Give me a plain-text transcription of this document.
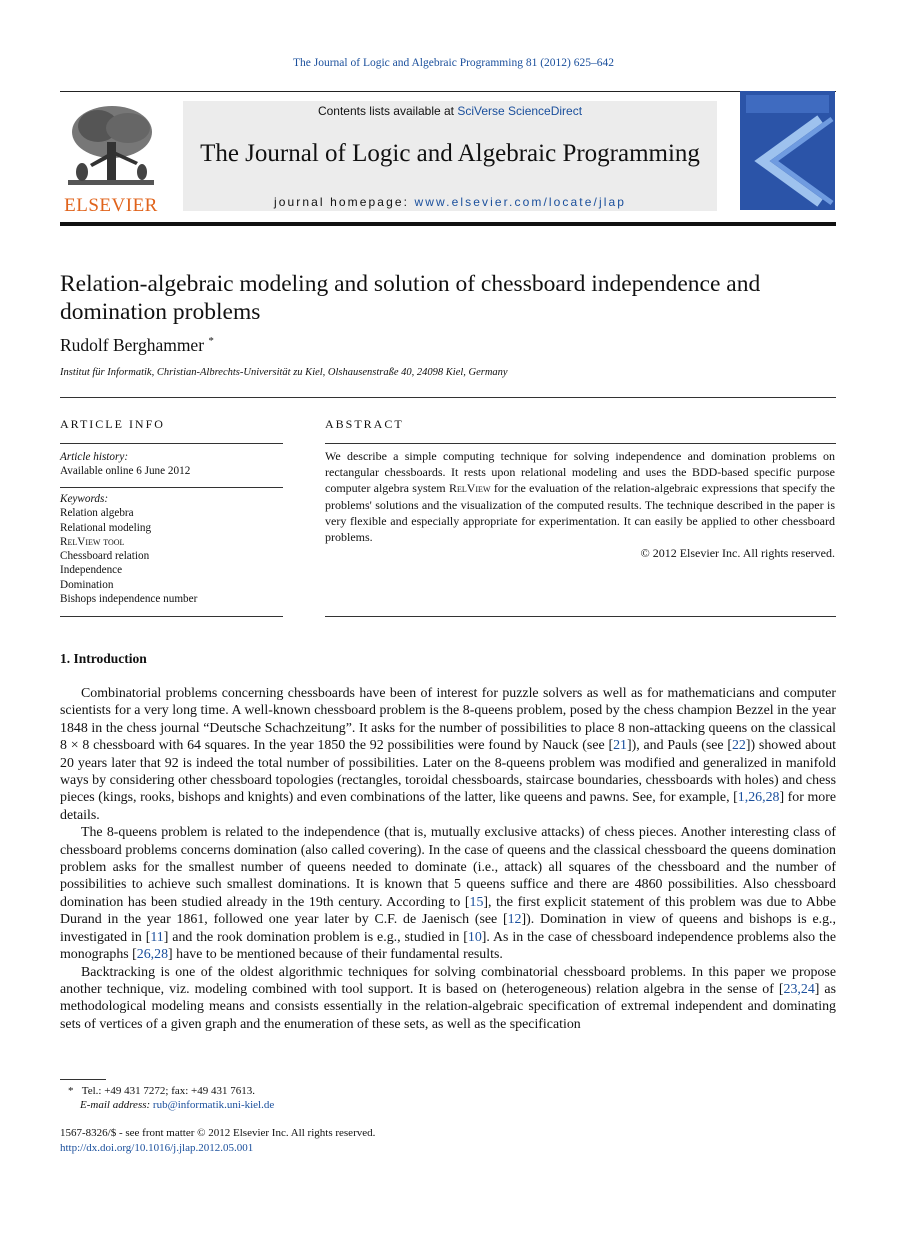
The Journal of Logic and Algebraic Programming 81 (2012) 625–642
ELSEVIER
Contents lists available at SciVerse ScienceDirect
The Journal of Logic and Algebraic Programming
journal homepage: www.elsevier.com/locate/jlap
Relation-algebraic modeling and solution of chessboard independence and domination problems
Rudolf Berghammer *
Institut für Informatik, Christian-Albrechts-Universität zu Kiel, Olshausenstraße 40, 24098 Kiel, Germany
ARTICLE INFO
Article history:
Available online 6 June 2012
Keywords:
Relation algebra
Relational modeling
RelView tool
Chessboard relation
Independence
Domination
Bishops independence number
ABSTRACT
We describe a simple computing technique for solving independence and domination problems on rectangular chessboards. It rests upon relational modeling and uses the BDD-based specific purpose computer algebra system RelView for the evaluation of the relation-algebraic expressions that specify the problems' solutions and the visualization of the computed results. The technique described in the paper is very flexible and especially appropriate for experimentation. It can easily be applied to other chessboard problems.
© 2012 Elsevier Inc. All rights reserved.
1. Introduction

Combinatorial problems concerning chessboards have been of interest for puzzle solvers as well as for mathematicians and computer scientists for a very long time. A well-known chessboard problem is the 8-queens problem, posed by the chess champion Bezzel in the year 1848 in the chess journal “Deutsche Schachzeitung”. It asks for the number of possibilities to place 8 non-attacking queens on the classical 8 × 8 chessboard with 64 squares. In the year 1850 the 92 possibilities were found by Nauck (see [21]), and Pauls (see [22]) showed about 20 years later that 92 is indeed the total number of possibilities. Later on the 8-queens problem was modified and generalized in manifold ways by considering other chessboard topologies (rectangles, toroidal chessboards, staircase boundaries, chessboards with holes) and chess pieces (kings, rooks, bishops and knights) and even combinations of the latter, like queens and pawns. See, for example, [1,26,28] for more details.

The 8-queens problem is related to the independence (that is, mutually exclusive attacks) of chess pieces. Another interesting class of chessboard problems concerns domination (also called covering). In the case of queens and the classical chessboard the queens domination problem asks for the smallest number of queens needed to dominate (i.e., attack) all squares of the chessboard and the number of possibilities to achieve such smallest dominations. It is known that 5 queens suffice and there are 4860 possibilities. Also chessboard domination has been studied already in the 19th century. According to [15], the first explicit statement of this problem was due to Abbe Durand in the year 1861, followed one year later by C.F. de Jaenisch (see [12]). Domination in view of queens and bishops is e.g., investigated in [11] and the rook domination problem is e.g., studied in [10]. As in the case of chessboard independence problems also the monographs [26,28] have to be mentioned because of their fundamental results.

Backtracking is one of the oldest algorithmic techniques for solving combinatorial chessboard problems. In this paper we propose another technique, viz. modeling combined with tool support. It is based on (heterogeneous) relation algebra in the sense of [23,24] as methodological modeling means and consists essentially in the relation-algebraic specification of extremal independent and dominating sets of vertices of a given graph and the enumeration of these sets, as well as the specification

* Tel.: +49 431 7272; fax: +49 431 7613.
E-mail address: rub@informatik.uni-kiel.de
1567-8326/$ - see front matter © 2012 Elsevier Inc. All rights reserved.
http://dx.doi.org/10.1016/j.jlap.2012.05.001
